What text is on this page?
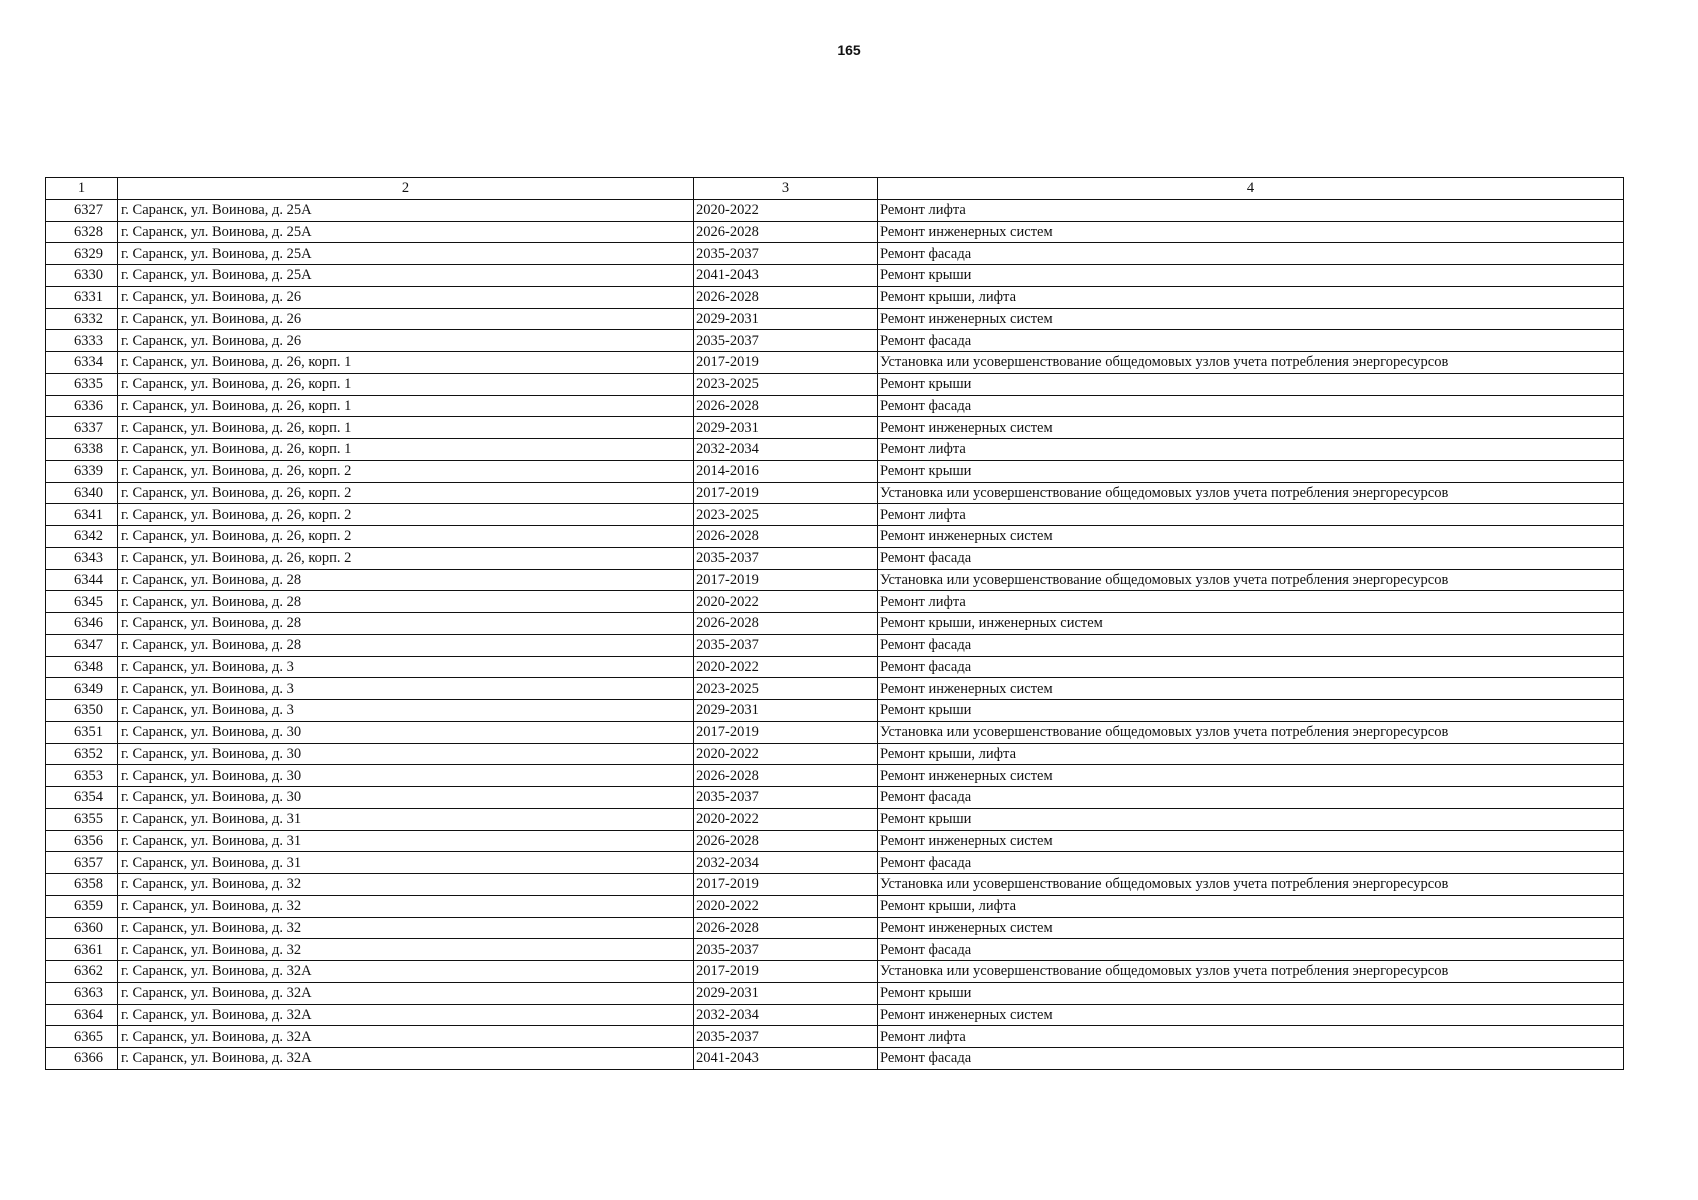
165
1	2	3	4
6327	г. Саранск, ул. Воинова, д. 25А	2020-2022	Ремонт лифта
6328	г. Саранск, ул. Воинова, д. 25А	2026-2028	Ремонт инженерных систем
6329	г. Саранск, ул. Воинова, д. 25А	2035-2037	Ремонт фасада
6330	г. Саранск, ул. Воинова, д. 25А	2041-2043	Ремонт крыши
6331	г. Саранск, ул. Воинова, д. 26	2026-2028	Ремонт крыши, лифта
6332	г. Саранск, ул. Воинова, д. 26	2029-2031	Ремонт инженерных систем
6333	г. Саранск, ул. Воинова, д. 26	2035-2037	Ремонт фасада
6334	г. Саранск, ул. Воинова, д. 26, корп. 1	2017-2019	Установка или усовершенствование общедомовых узлов учета потребления энергоресурсов
6335	г. Саранск, ул. Воинова, д. 26, корп. 1	2023-2025	Ремонт крыши
6336	г. Саранск, ул. Воинова, д. 26, корп. 1	2026-2028	Ремонт фасада
6337	г. Саранск, ул. Воинова, д. 26, корп. 1	2029-2031	Ремонт инженерных систем
6338	г. Саранск, ул. Воинова, д. 26, корп. 1	2032-2034	Ремонт лифта
6339	г. Саранск, ул. Воинова, д. 26, корп. 2	2014-2016	Ремонт крыши
6340	г. Саранск, ул. Воинова, д. 26, корп. 2	2017-2019	Установка или усовершенствование общедомовых узлов учета потребления энергоресурсов
6341	г. Саранск, ул. Воинова, д. 26, корп. 2	2023-2025	Ремонт лифта
6342	г. Саранск, ул. Воинова, д. 26, корп. 2	2026-2028	Ремонт инженерных систем
6343	г. Саранск, ул. Воинова, д. 26, корп. 2	2035-2037	Ремонт фасада
6344	г. Саранск, ул. Воинова, д. 28	2017-2019	Установка или усовершенствование общедомовых узлов учета потребления энергоресурсов
6345	г. Саранск, ул. Воинова, д. 28	2020-2022	Ремонт лифта
6346	г. Саранск, ул. Воинова, д. 28	2026-2028	Ремонт крыши, инженерных систем
6347	г. Саранск, ул. Воинова, д. 28	2035-2037	Ремонт фасада
6348	г. Саранск, ул. Воинова, д. 3	2020-2022	Ремонт фасада
6349	г. Саранск, ул. Воинова, д. 3	2023-2025	Ремонт инженерных систем
6350	г. Саранск, ул. Воинова, д. 3	2029-2031	Ремонт крыши
6351	г. Саранск, ул. Воинова, д. 30	2017-2019	Установка или усовершенствование общедомовых узлов учета потребления энергоресурсов
6352	г. Саранск, ул. Воинова, д. 30	2020-2022	Ремонт крыши, лифта
6353	г. Саранск, ул. Воинова, д. 30	2026-2028	Ремонт инженерных систем
6354	г. Саранск, ул. Воинова, д. 30	2035-2037	Ремонт фасада
6355	г. Саранск, ул. Воинова, д. 31	2020-2022	Ремонт крыши
6356	г. Саранск, ул. Воинова, д. 31	2026-2028	Ремонт инженерных систем
6357	г. Саранск, ул. Воинова, д. 31	2032-2034	Ремонт фасада
6358	г. Саранск, ул. Воинова, д. 32	2017-2019	Установка или усовершенствование общедомовых узлов учета потребления энергоресурсов
6359	г. Саранск, ул. Воинова, д. 32	2020-2022	Ремонт крыши, лифта
6360	г. Саранск, ул. Воинова, д. 32	2026-2028	Ремонт инженерных систем
6361	г. Саранск, ул. Воинова, д. 32	2035-2037	Ремонт фасада
6362	г. Саранск, ул. Воинова, д. 32А	2017-2019	Установка или усовершенствование общедомовых узлов учета потребления энергоресурсов
6363	г. Саранск, ул. Воинова, д. 32А	2029-2031	Ремонт крыши
6364	г. Саранск, ул. Воинова, д. 32А	2032-2034	Ремонт инженерных систем
6365	г. Саранск, ул. Воинова, д. 32А	2035-2037	Ремонт лифта
6366	г. Саранск, ул. Воинова, д. 32А	2041-2043	Ремонт фасада
